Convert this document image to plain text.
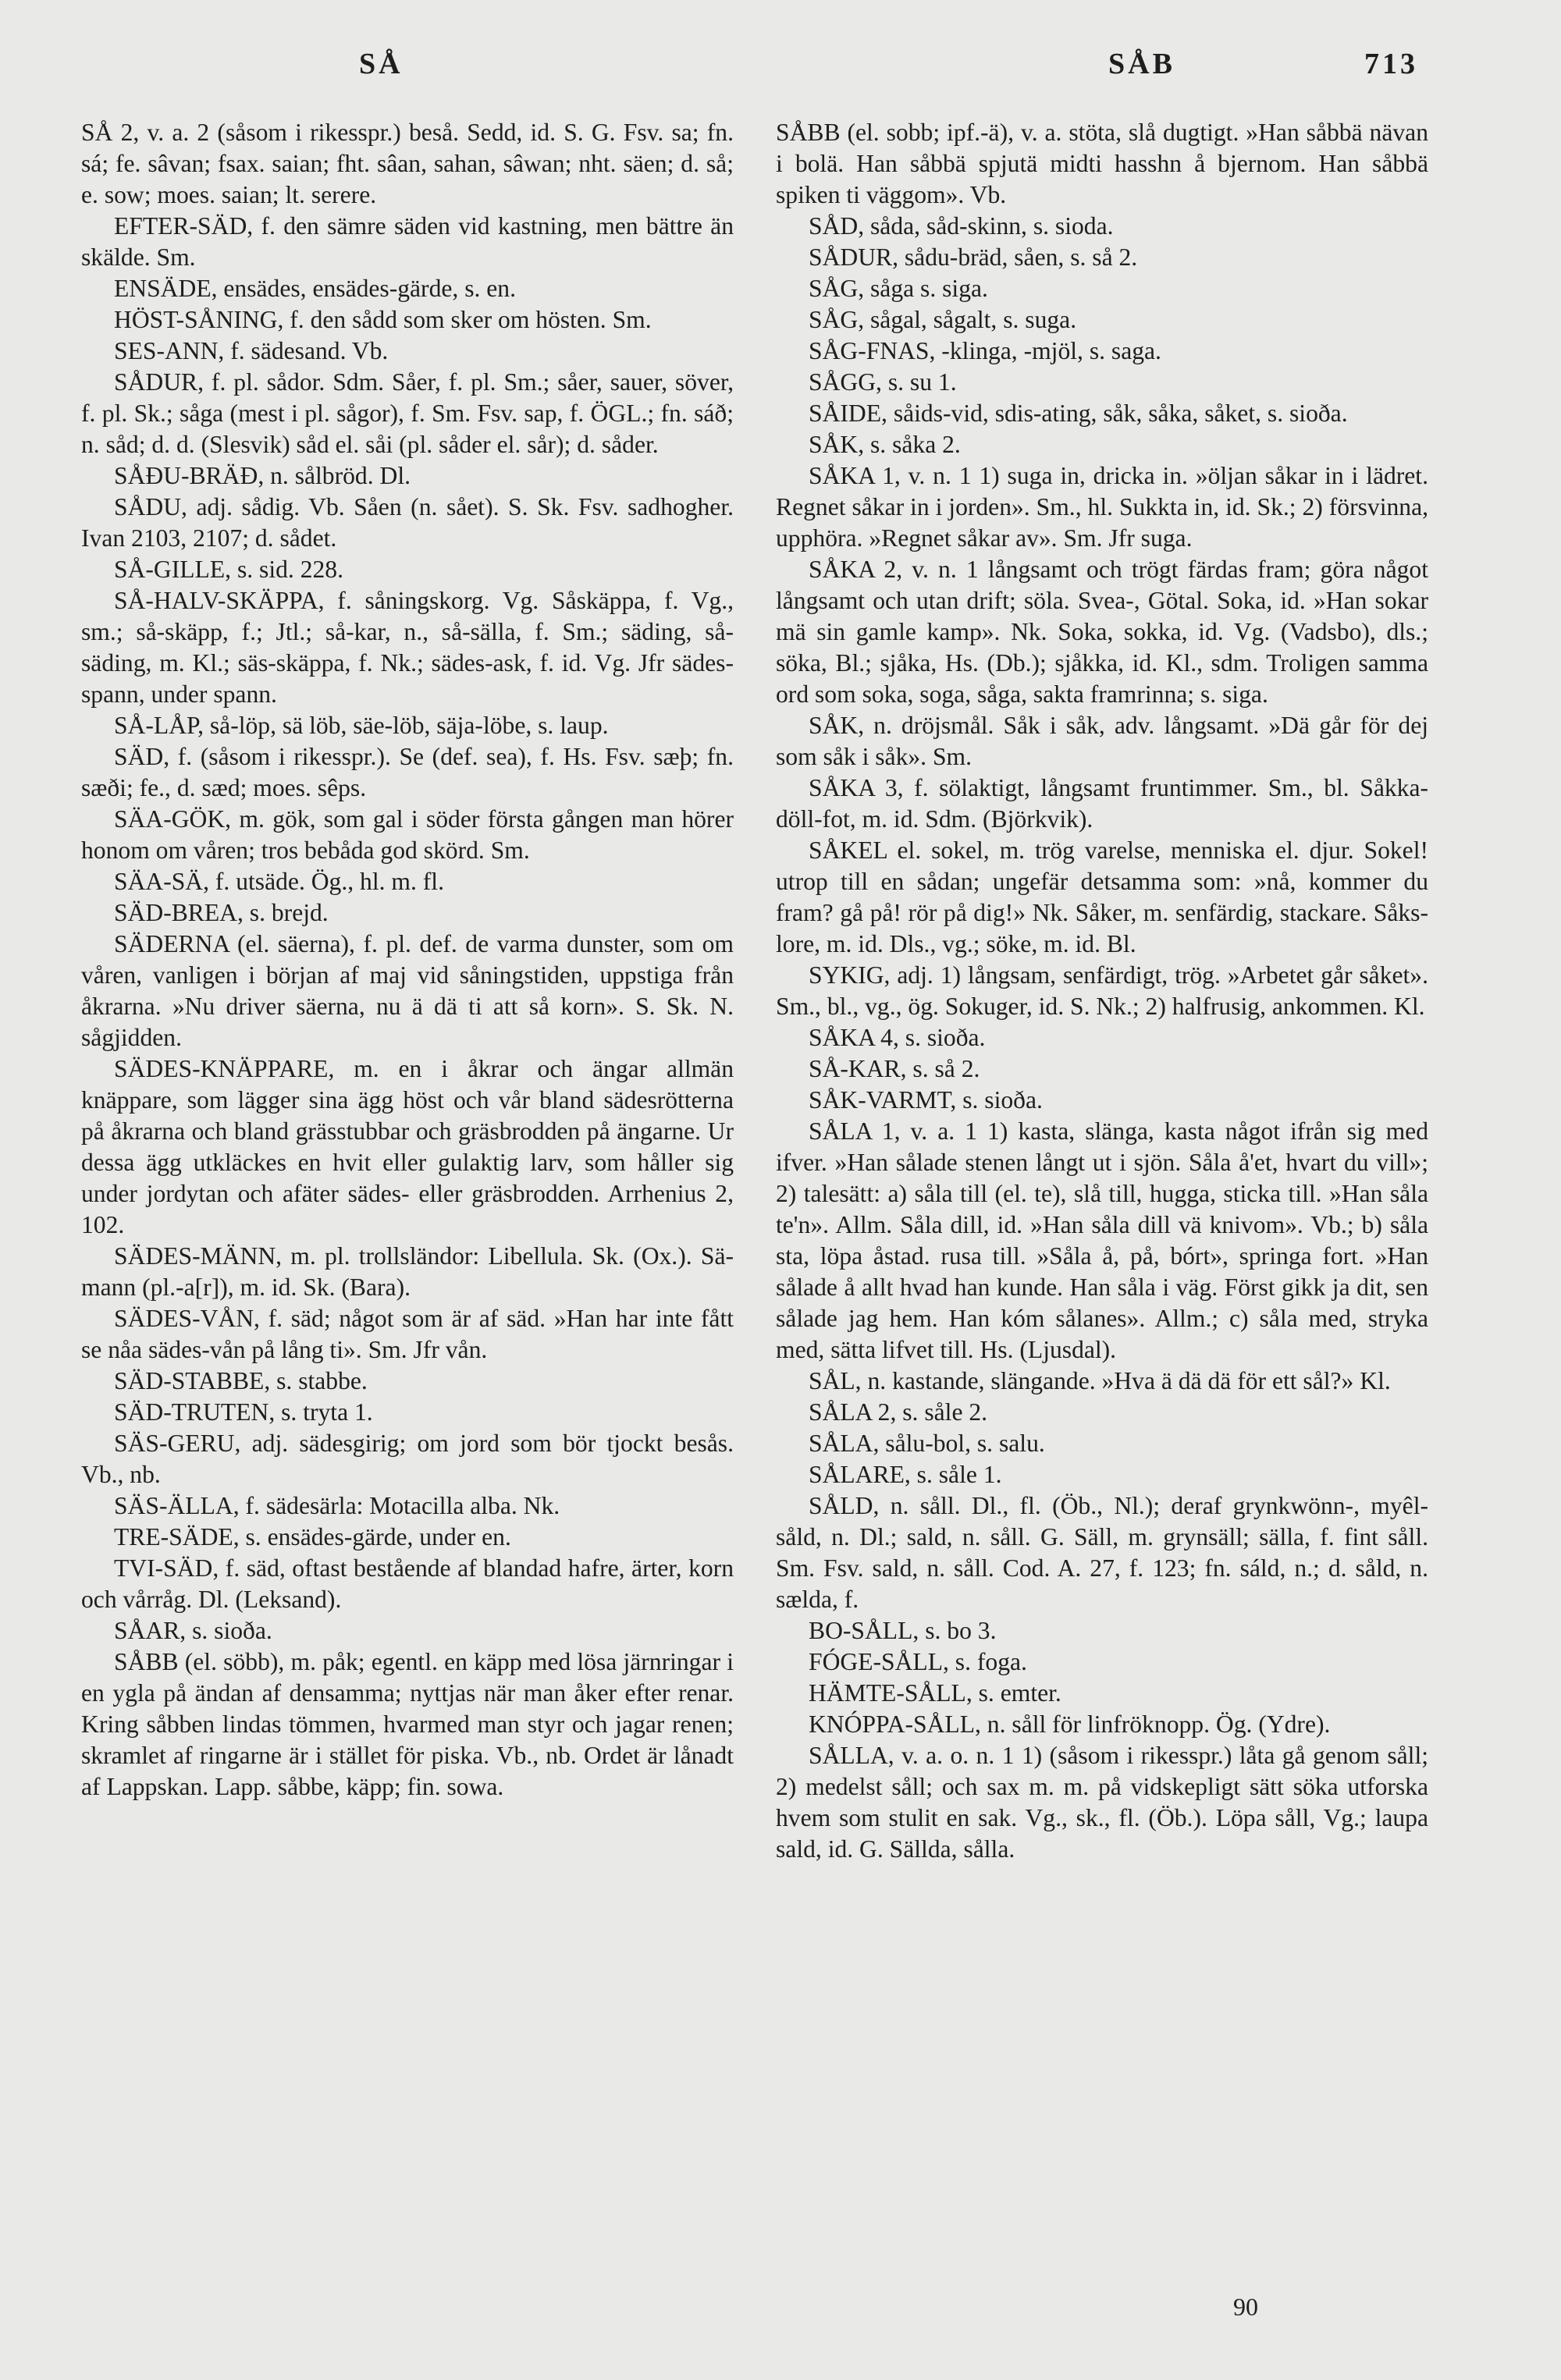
SÅ	SÅB	713

SÅ 2, v. a. 2 (såsom i rikesspr.) beså. Sedd, id. S. G. Fsv. sa; fn. sá; fe. sâvan; fsax. saian; fht. sâan, sahan, sâwan; nht. säen; d. så; e. sow; moes. saian; lt. serere.

EFTER-SÄD, f. den sämre säden vid kastning, men bättre än skälde. Sm.

ENSÄDE, ensädes, ensädes-gärde, s. en.

HÖST-SÅNING, f. den sådd som sker om hösten. Sm.

SES-ANN, f. sädesand. Vb.

SÅDUR, f. pl. sådor. Sdm. Såer, f. pl. Sm.; såer, sauer, söver, f. pl. Sk.; såga (mest i pl. sågor), f. Sm. Fsv. sap, f. ÖGL.; fn. sáð; n. såd; d. d. (Slesvik) såd el. såi (pl. såder el. sår); d. såder.

SÅÐU-BRÄÐ, n. sålbröd. Dl.

SÅDU, adj. sådig. Vb. Såen (n. sået). S. Sk. Fsv. sadhogher. Ivan 2103, 2107; d. sådet.

SÅ-GILLE, s. sid. 228.

SÅ-HALV-SKÄPPA, f. såningskorg. Vg. Såskäppa, f. Vg., sm.; så-skäpp, f.; Jtl.; så-kar, n., så-sälla, f. Sm.; säding, så-säding, m. Kl.; säs-skäppa, f. Nk.; sädes-ask, f. id. Vg. Jfr sädes-spann, under spann.

SÅ-LÅP, så-löp, sä löb, säe-löb, säja-löbe, s. laup.

SÄD, f. (såsom i rikesspr.). Se (def. sea), f. Hs. Fsv. sæþ; fn. sæði; fe., d. sæd; moes. sêps.

SÄA-GÖK, m. gök, som gal i söder första gången man hörer honom om våren; tros bebåda god skörd. Sm.

SÄA-SÄ, f. utsäde. Ög., hl. m. fl.

SÄD-BREA, s. brejd.

SÄDERNA (el. säerna), f. pl. def. de varma dunster, som om våren, vanligen i början af maj vid såningstiden, uppstiga från åkrarna. »Nu driver säerna, nu ä dä ti att så korn». S. Sk. N. sågjidden.

SÄDES-KNÄPPARE, m. en i åkrar och ängar allmän knäppare, som lägger sina ägg höst och vår bland sädesrötterna på åkrarna och bland grässtubbar och gräsbrodden på ängarne. Ur dessa ägg utkläckes en hvit eller gulaktig larv, som håller sig under jordytan och afäter sädes- eller gräsbrodden. Arrhenius 2, 102.

SÄDES-MÄNN, m. pl. trollsländor: Libellula. Sk. (Ox.). Sä-mann (pl.-a[r]), m. id. Sk. (Bara).

SÄDES-VÅN, f. säd; något som är af säd. »Han har inte fått se nåa sädes-vån på lång ti». Sm. Jfr vån.

SÄD-STABBE, s. stabbe.

SÄD-TRUTEN, s. tryta 1.

SÄS-GERU, adj. sädesgirig; om jord som bör tjockt besås. Vb., nb.

SÄS-ÄLLA, f. sädesärla: Motacilla alba. Nk.

TRE-SÄDE, s. ensädes-gärde, under en.

TVI-SÄD, f. säd, oftast bestående af blandad hafre, ärter, korn och vårråg. Dl. (Leksand).

SÅAR, s. sioða.

SÅBB (el. söbb), m. påk; egentl. en käpp med lösa järnringar i en ygla på ändan af densamma; nyttjas när man åker efter renar. Kring såbben lindas tömmen, hvarmed man styr och jagar renen; skramlet af ringarne är i stället för piska. Vb., nb. Ordet är lånadt af Lappskan. Lapp. såbbe, käpp; fin. sowa.

SÅBB (el. sobb; ipf.-ä), v. a. stöta, slå dugtigt. »Han såbbä nävan i bolä. Han såbbä spjutä midti hasshn å bjernom. Han såbbä spiken ti väggom». Vb.

SÅD, såda, såd-skinn, s. sioda.

SÅDUR, sådu-bräd, såen, s. så 2.

SÅG, såga s. siga.

SÅG, sågal, sågalt, s. suga.

SÅG-FNAS, -klinga, -mjöl, s. saga.

SÅGG, s. su 1.

SÅIDE, såids-vid, sdis-ating, såk, såka, såket, s. sioða.

SÅK, s. såka 2.

SÅKA 1, v. n. 1 1) suga in, dricka in. »öljan såkar in i lädret. Regnet såkar in i jorden». Sm., hl. Sukkta in, id. Sk.; 2) försvinna, upphöra. »Regnet såkar av». Sm. Jfr suga.

SÅKA 2, v. n. 1 långsamt och trögt färdas fram; göra något långsamt och utan drift; söla. Svea-, Götal. Soka, id. »Han sokar mä sin gamle kamp». Nk. Soka, sokka, id. Vg. (Vadsbo), dls.; söka, Bl.; sjåka, Hs. (Db.); sjåkka, id. Kl., sdm. Troligen samma ord som soka, soga, såga, sakta framrinna; s. siga.

SÅK, n. dröjsmål. Såk i såk, adv. långsamt. »Dä går för dej som såk i såk». Sm.

SÅKA 3, f. sölaktigt, långsamt fruntimmer. Sm., bl. Såkka-döll-fot, m. id. Sdm. (Björkvik).

SÅKEL el. sokel, m. trög varelse, menniska el. djur. Sokel! utrop till en sådan; ungefär detsamma som: »nå, kommer du fram? gå på! rör på dig!» Nk. Såker, m. senfärdig, stackare. Såks-lore, m. id. Dls., vg.; söke, m. id. Bl.

SYKIG, adj. 1) långsam, senfärdigt, trög. »Arbetet går såket». Sm., bl., vg., ög. Sokuger, id. S. Nk.; 2) halfrusig, ankommen. Kl.

SÅKA 4, s. sioða.

SÅ-KAR, s. så 2.

SÅK-VARMT, s. sioða.

SÅLA 1, v. a. 1 1) kasta, slänga, kasta något ifrån sig med ifver. »Han sålade stenen långt ut i sjön. Såla å'et, hvart du vill»; 2) talesätt: a) såla till (el. te), slå till, hugga, sticka till. »Han såla te'n». Allm. Såla dill, id. »Han såla dill vä knivom». Vb.; b) såla sta, löpa åstad. rusa till. »Såla å, på, bórt», springa fort. »Han sålade å allt hvad han kunde. Han såla i väg. Först gikk ja dit, sen sålade jag hem. Han kóm sålanes». Allm.; c) såla med, stryka med, sätta lifvet till. Hs. (Ljusdal).

SÅL, n. kastande, slängande. »Hva ä dä dä för ett sål?» Kl.

SÅLA 2, s. såle 2.

SÅLA, sålu-bol, s. salu.

SÅLARE, s. såle 1.

SÅLD, n. såll. Dl., fl. (Öb., Nl.); deraf grynkwönn-, myêl-såld, n. Dl.; sald, n. såll. G. Säll, m. grynsäll; sälla, f. fint såll. Sm. Fsv. sald, n. såll. Cod. A. 27, f. 123; fn. sáld, n.; d. såld, n. sælda, f.

BO-SÅLL, s. bo 3.

FÓGE-SÅLL, s. foga.

HÄMTE-SÅLL, s. emter.

KNÓPPA-SÅLL, n. såll för linfröknopp. Ög. (Ydre).

SÅLLA, v. a. o. n. 1 1) (såsom i rikesspr.) låta gå genom såll; 2) medelst såll; och sax m. m. på vidskepligt sätt söka utforska hvem som stulit en sak. Vg., sk., fl. (Öb.). Löpa såll, Vg.; laupa sald, id. G. Sällda, sålla.

90
